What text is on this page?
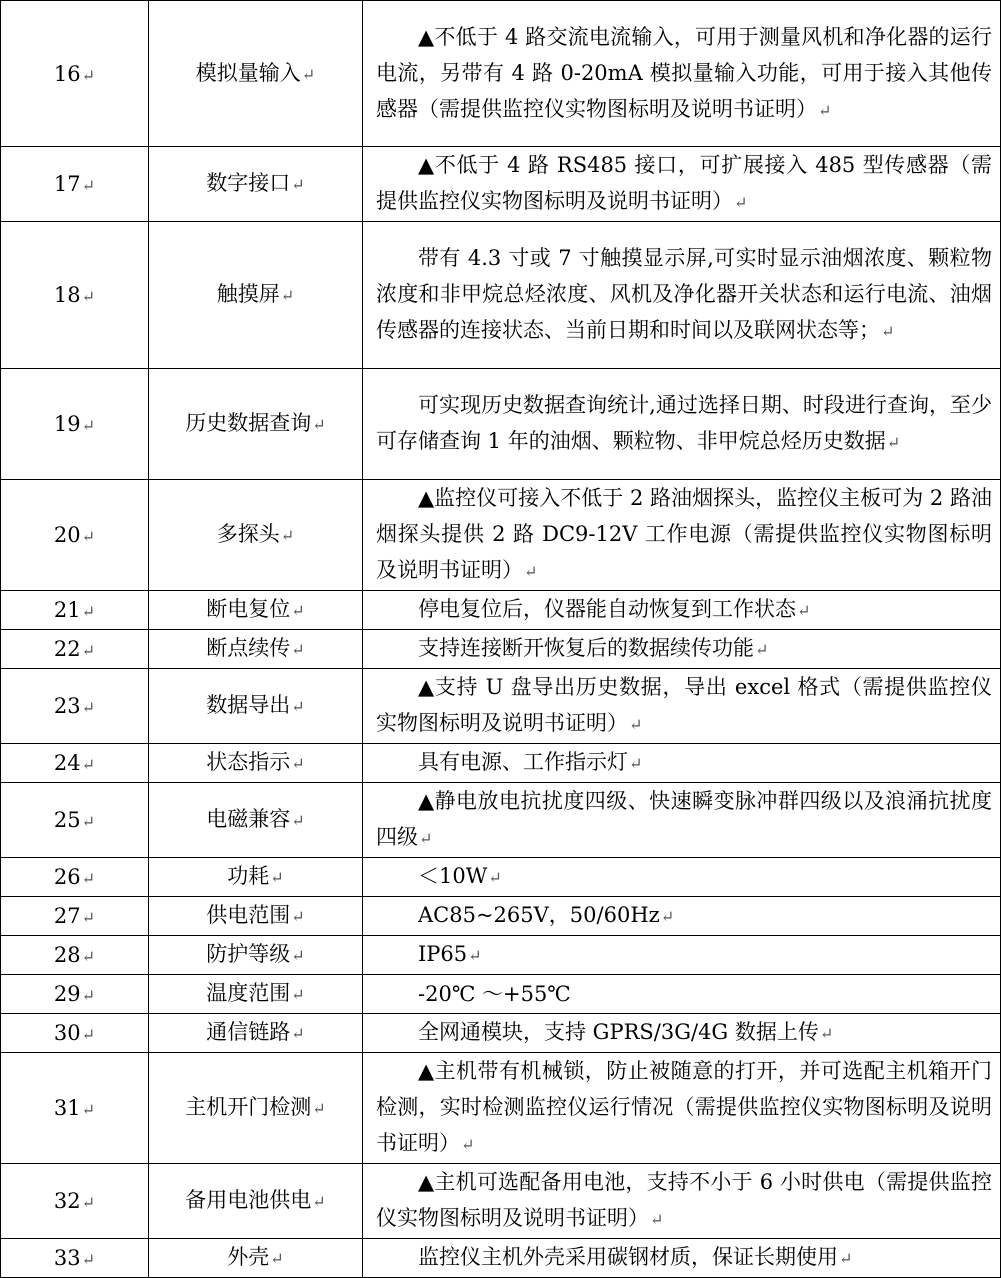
16 ↵	模拟量输入 ↵	▲不低于 4 路交流电流输入，可用于测量风机和净化器的运行电流，另带有 4 路 0-20mA 模拟量输入功能，可用于接入其他传感器（需提供监控仪实物图标明及说明书证明） ↵
17 ↵	数字接口 ↵	▲不低于 4 路 RS485 接口，可扩展接入 485 型传感器（需提供监控仪实物图标明及说明书证明） ↵
18 ↵	触摸屏 ↵	带有 4.3 寸或 7 寸触摸显示屏,可实时显示油烟浓度、颗粒物浓度和非甲烷总烃浓度、风机及净化器开关状态和运行电流、油烟传感器的连接状态、当前日期和时间以及联网状态等； ↵
19 ↵	历史数据查询 ↵	可实现历史数据查询统计,通过选择日期、时段进行查询，至少可存储查询 1 年的油烟、颗粒物、非甲烷总烃历史数据 ↵
20 ↵	多探头 ↵	▲监控仪可接入不低于 2 路油烟探头，监控仪主板可为 2 路油烟探头提供 2 路 DC9-12V 工作电源（需提供监控仪实物图标明及说明书证明） ↵
21 ↵	断电复位 ↵	停电复位后，仪器能自动恢复到工作状态 ↵
22 ↵	断点续传 ↵	支持连接断开恢复后的数据续传功能 ↵
23 ↵	数据导出 ↵	▲支持 U 盘导出历史数据，导出 excel 格式（需提供监控仪实物图标明及说明书证明） ↵
24 ↵	状态指示 ↵	具有电源、工作指示灯 ↵
25 ↵	电磁兼容 ↵	▲静电放电抗扰度四级、快速瞬变脉冲群四级以及浪涌抗扰度四级 ↵
26 ↵	功耗 ↵	＜10W ↵
27 ↵	供电范围 ↵	AC85~265V，50/60Hz ↵
28 ↵	防护等级 ↵	IP65 ↵
29 ↵	温度范围 ↵	-20℃ ～+55℃
30 ↵	通信链路 ↵	全网通模块，支持 GPRS/3G/4G 数据上传 ↵
31 ↵	主机开门检测 ↵	▲主机带有机械锁，防止被随意的打开，并可选配主机箱开门检测，实时检测监控仪运行情况（需提供监控仪实物图标明及说明书证明） ↵
32 ↵	备用电池供电 ↵	▲主机可选配备用电池，支持不小于 6 小时供电（需提供监控仪实物图标明及说明书证明） ↵
33 ↵	外壳 ↵	监控仪主机外壳采用碳钢材质，保证长期使用 ↵
